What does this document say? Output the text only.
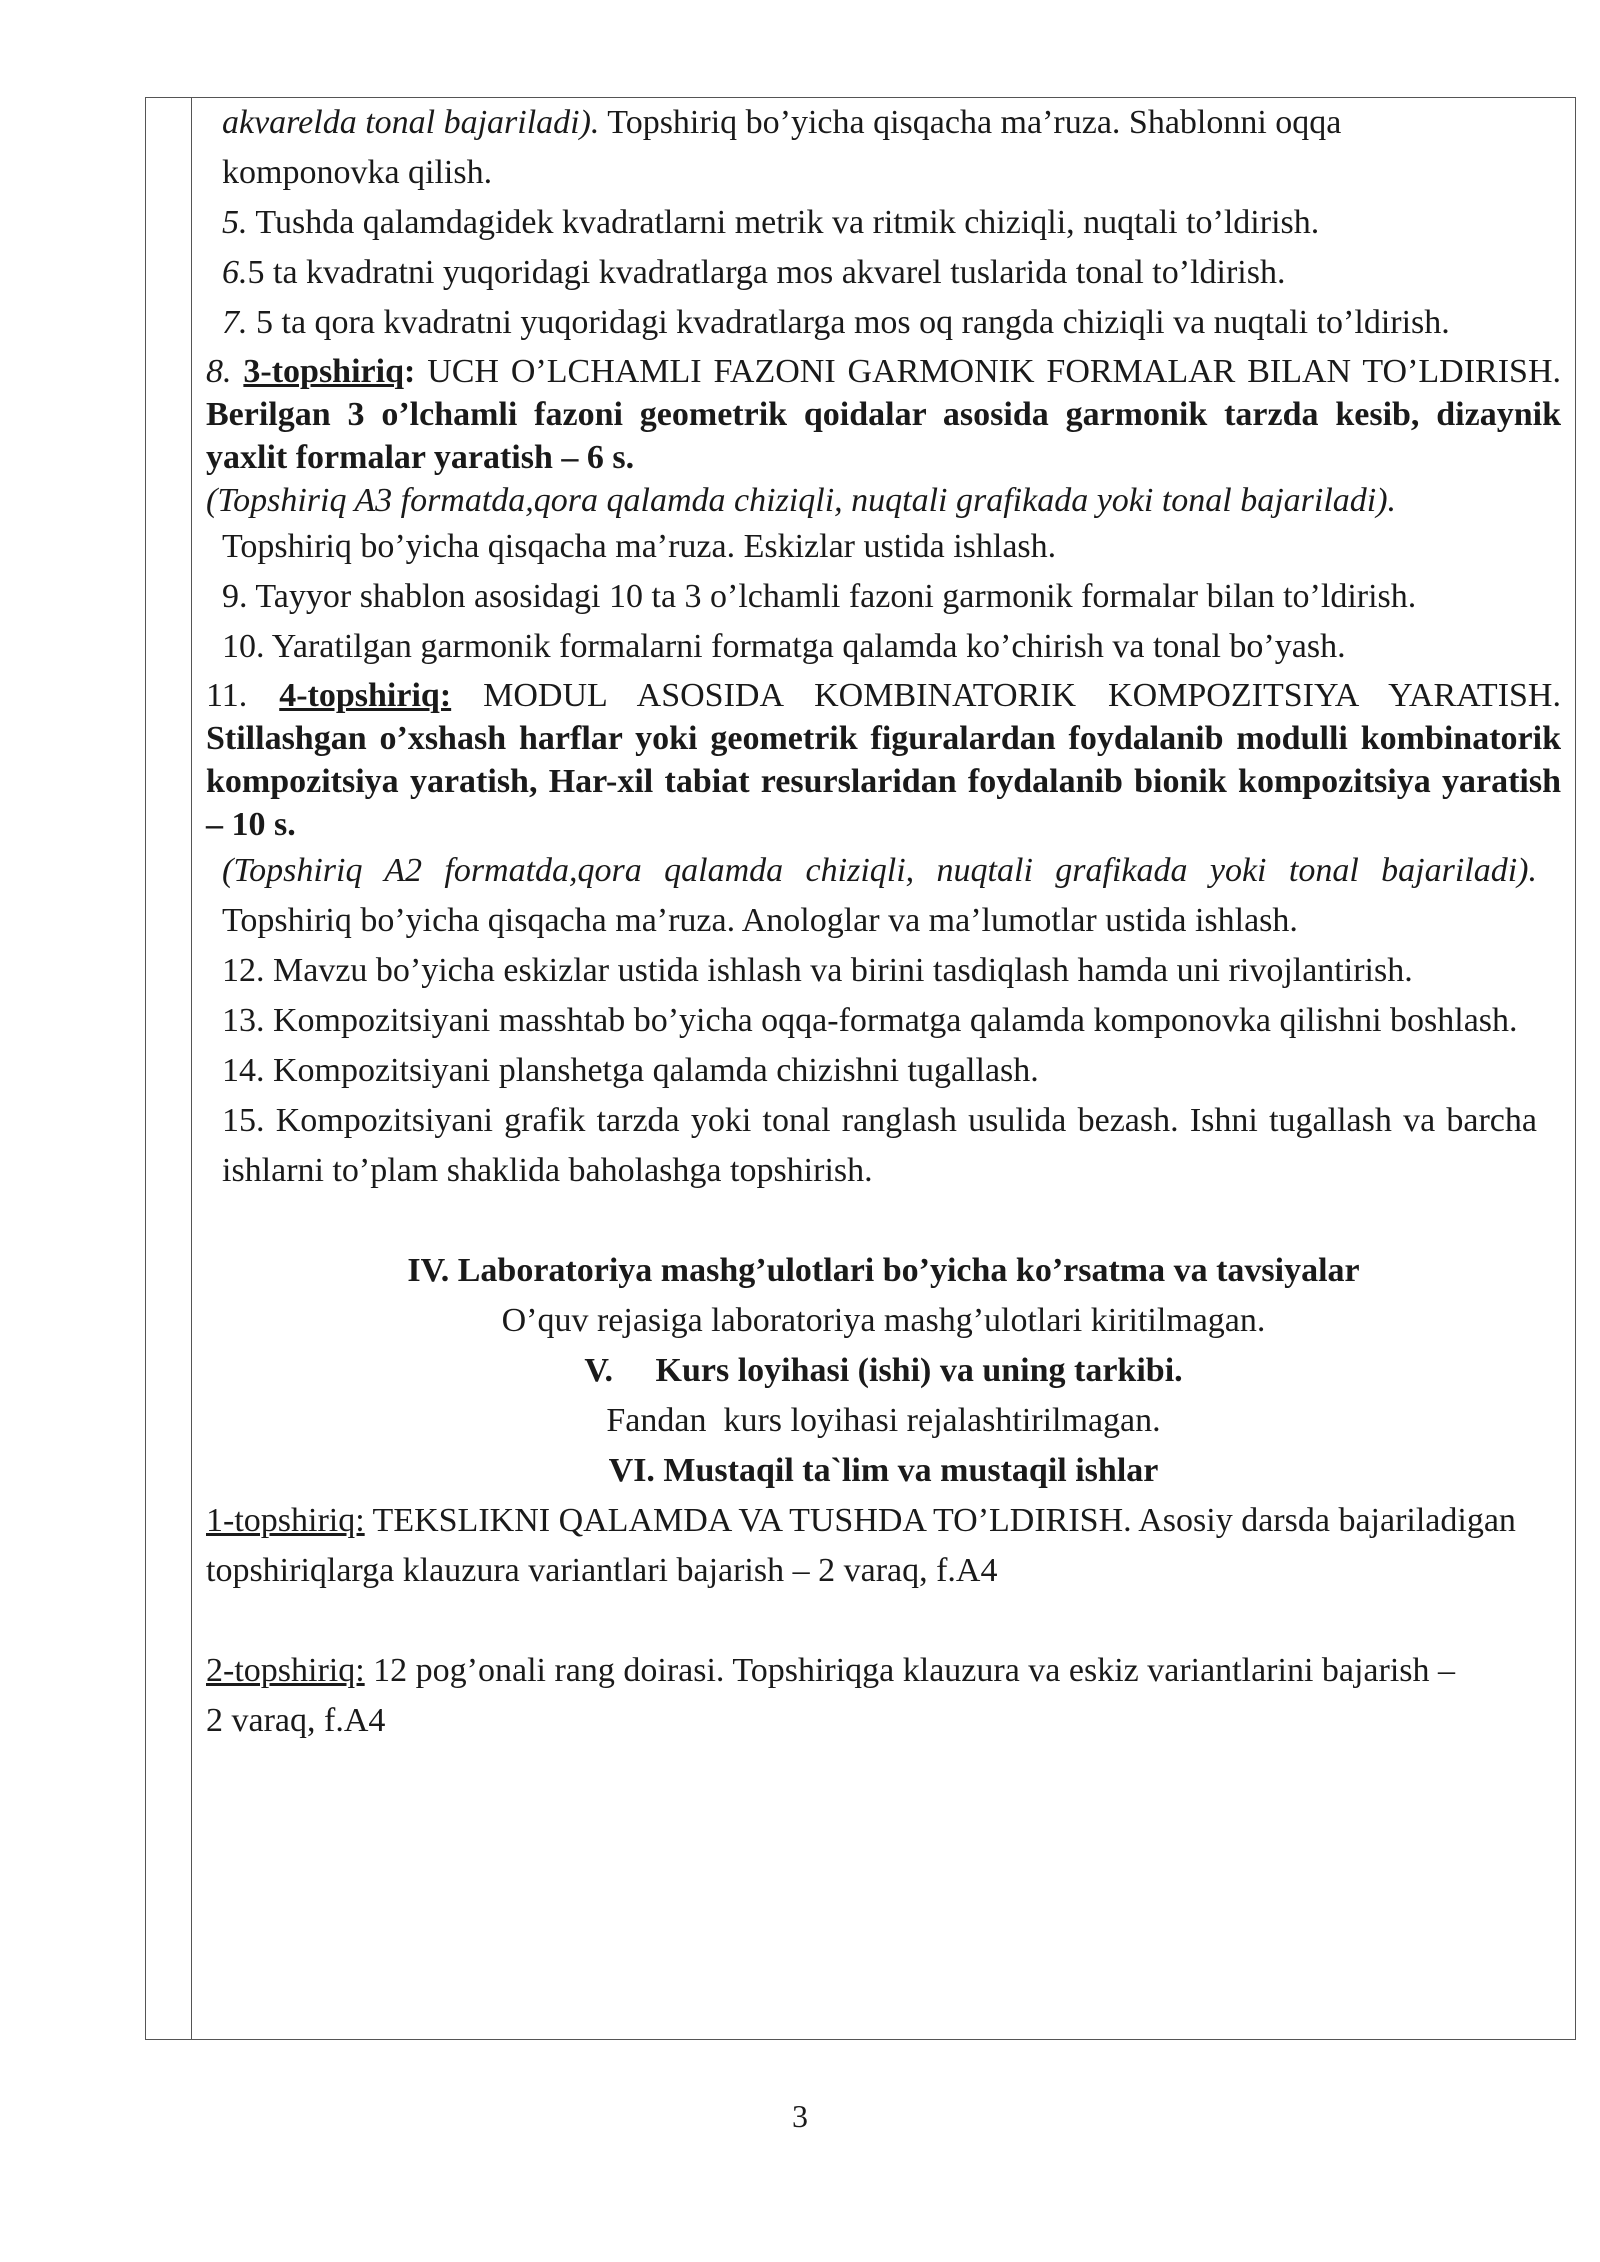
akvarelda tonal bajariladi). Topshiriq bo’yicha qisqacha ma’ruza. Shablonni oqqa
komponovka qilish.

5. Tushda qalamdagidek kvadratlarni metrik va ritmik chiziqli, nuqtali to’ldirish.

6.5 ta kvadratni yuqoridagi kvadratlarga mos akvarel tuslarida tonal to’ldirish.

7. 5 ta qora kvadratni yuqoridagi kvadratlarga mos oq rangda chiziqli va nuqtali to’ldirish.

8. 3-topshiriq: UCH O’LCHAMLI FAZONI GARMONIK FORMALAR BILAN TO’LDIRISH. Berilgan 3 o’lchamli fazoni geometrik qoidalar asosida garmonik tarzda kesib, dizaynik yaxlit formalar yaratish – 6 s.

(Topshiriq A3 formatda,qora qalamda chiziqli, nuqtali grafikada yoki tonal bajariladi).

Topshiriq bo’yicha qisqacha ma’ruza. Eskizlar ustida ishlash.

9. Tayyor shablon asosidagi 10 ta 3 o’lchamli fazoni garmonik formalar bilan to’ldirish.

10. Yaratilgan garmonik formalarni formatga qalamda ko’chirish va tonal bo’yash.

11. 4-topshiriq: MODUL ASOSIDA KOMBINATORIK KOMPOZITSIYA YARATISH. Stillashgan o’xshash harflar yoki geometrik figuralardan foydalanib modulli kombinatorik kompozitsiya yaratish, Har-xil tabiat resurslaridan foydalanib bionik kompozitsiya yaratish – 10 s.

(Topshiriq A2 formatda,qora qalamda chiziqli, nuqtali grafikada yoki tonal bajariladi). Topshiriq bo’yicha qisqacha ma’ruza. Anologlar va ma’lumotlar ustida ishlash.

12. Mavzu bo’yicha eskizlar ustida ishlash va birini tasdiqlash hamda uni rivojlantirish.

13. Kompozitsiyani masshtab bo’yicha oqqa-formatga qalamda komponovka qilishni boshlash.

14. Kompozitsiyani planshetga qalamda chizishni tugallash.

15. Kompozitsiyani grafik tarzda yoki tonal ranglash usulida bezash. Ishni tugallash va barcha ishlarni to’plam shaklida baholashga topshirish.

IV. Laboratoriya mashg’ulotlari bo’yicha ko’rsatma va tavsiyalar

O’quv rejasiga laboratoriya mashg’ulotlari kiritilmagan.

V.     Kurs loyihasi (ishi) va uning tarkibi.

Fandan  kurs loyihasi rejalashtirilmagan.

VI. Mustaqil ta`lim va mustaqil ishlar

1-topshiriq: TEKSLIKNI QALAMDA VA TUSHDA TO’LDIRISH. Asosiy darsda bajariladigan topshiriqlarga klauzura variantlari bajarish – 2 varaq, f.A4

2-topshiriq: 12 pog’onali rang doirasi. Topshiriqga klauzura va eskiz variantlarini bajarish –2 varaq, f.A4

3
